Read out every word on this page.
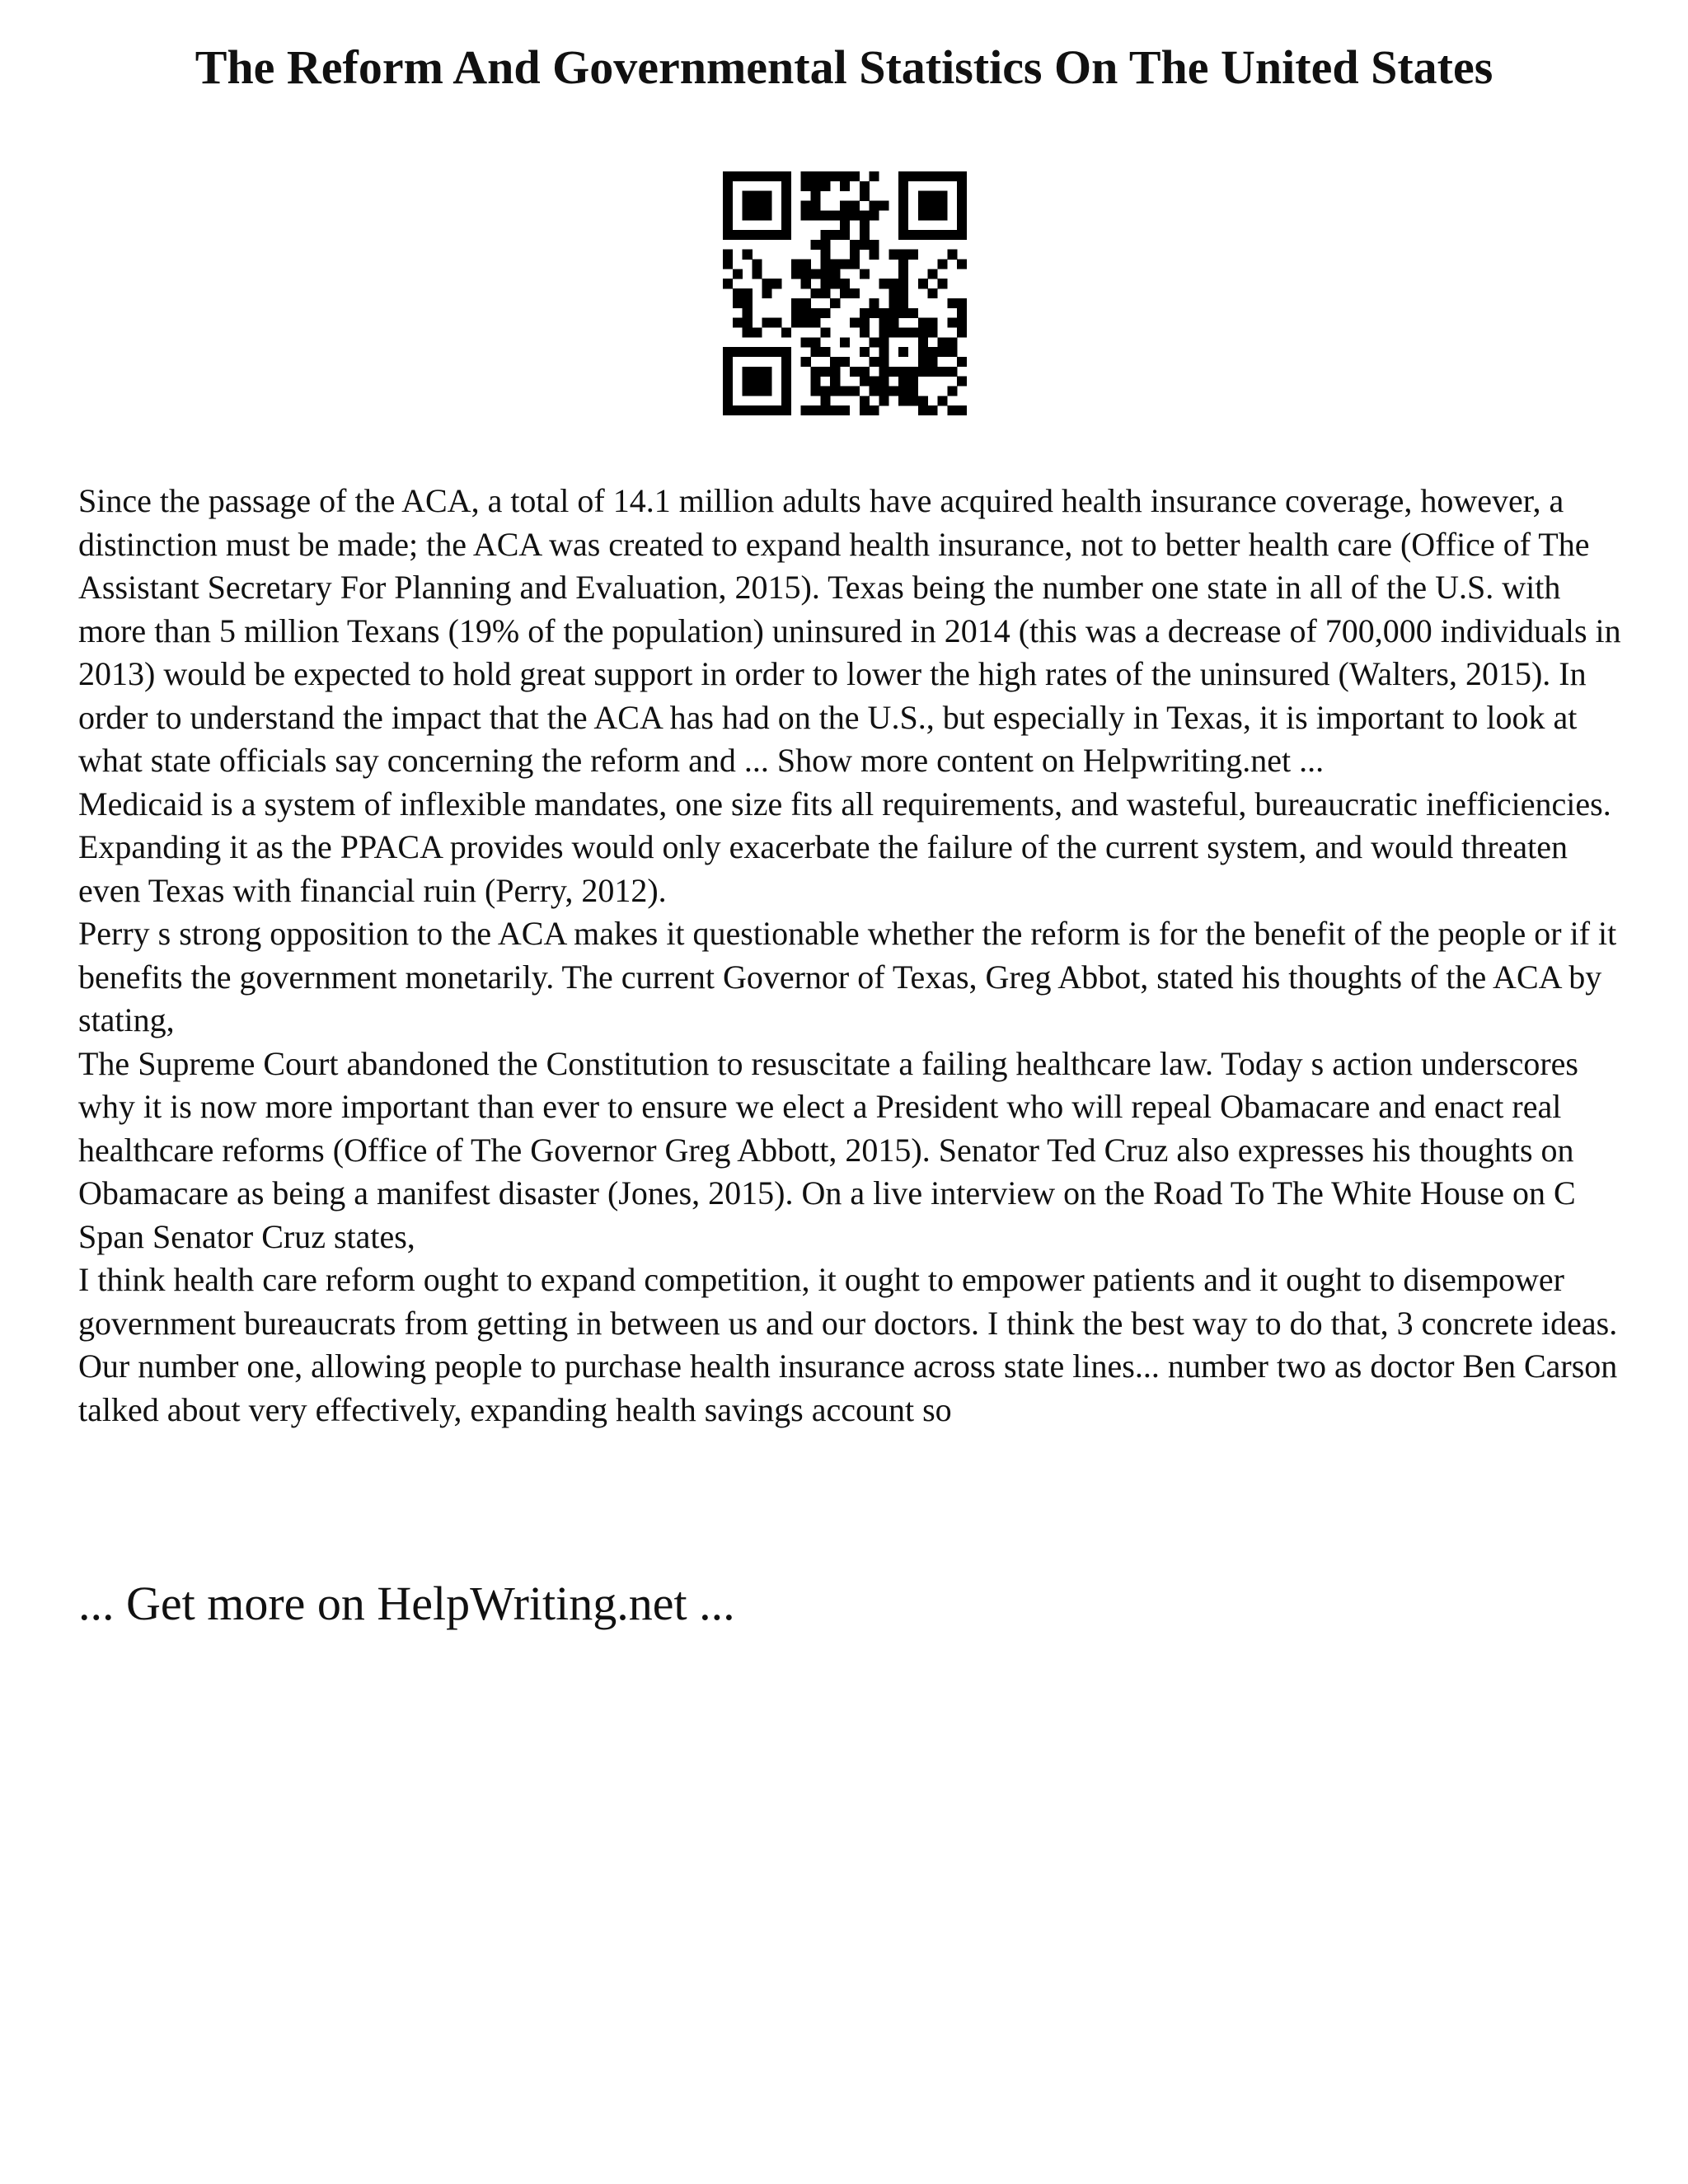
The Reform And Governmental Statistics On The United States

Since the passage of the ACA, a total of 14.1 million adults have acquired health insurance coverage, however, a distinction must be made; the ACA was created to expand health insurance, not to better health care (Office of The Assistant Secretary For Planning and Evaluation, 2015). Texas being the number one state in all of the U.S. with more than 5 million Texans (19% of the population) uninsured in 2014 (this was a decrease of 700,000 individuals in 2013) would be expected to hold great support in order to lower the high rates of the uninsured (Walters, 2015). In order to understand the impact that the ACA has had on the U.S., but especially in Texas, it is important to look at what state officials say concerning the reform and ... Show more content on Helpwriting.net ...

Medicaid is a system of inflexible mandates, one size fits all requirements, and wasteful, bureaucratic inefficiencies. Expanding it as the PPACA provides would only exacerbate the failure of the current system, and would threaten even Texas with financial ruin (Perry, 2012).

Perry s strong opposition to the ACA makes it questionable whether the reform is for the benefit of the people or if it benefits the government monetarily. The current Governor of Texas, Greg Abbot, stated his thoughts of the ACA by stating,

The Supreme Court abandoned the Constitution to resuscitate a failing healthcare law. Today s action underscores why it is now more important than ever to ensure we elect a President who will repeal Obamacare and enact real healthcare reforms (Office of The Governor Greg Abbott, 2015). Senator Ted Cruz also expresses his thoughts on Obamacare as being a manifest disaster (Jones, 2015). On a live interview on the Road To The White House on C Span Senator Cruz states,

I think health care reform ought to expand competition, it ought to empower patients and it ought to disempower government bureaucrats from getting in between us and our doctors. I think the best way to do that, 3 concrete ideas. Our number one, allowing people to purchase health insurance across state lines... number two as doctor Ben Carson talked about very effectively, expanding health savings account so

... Get more on HelpWriting.net ...
